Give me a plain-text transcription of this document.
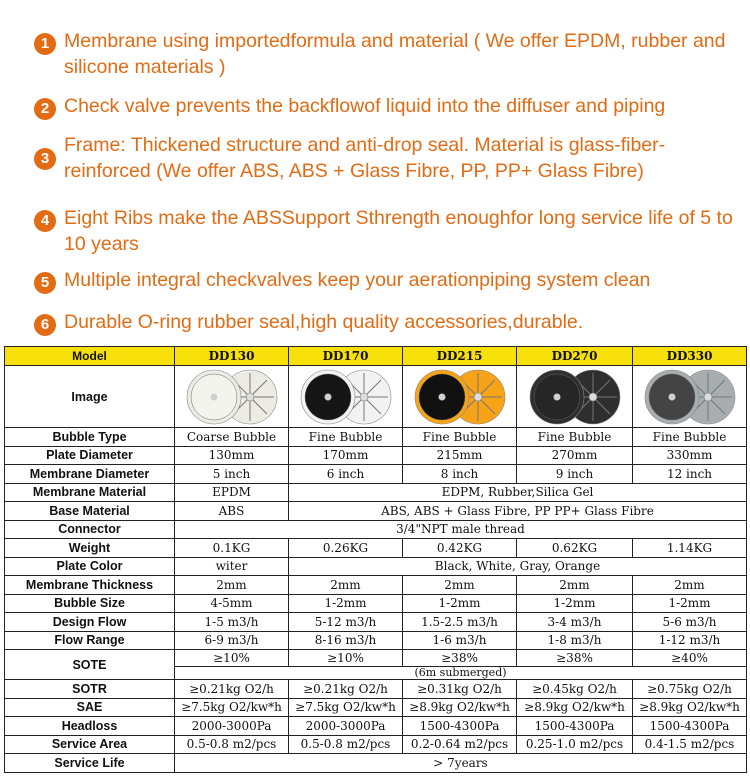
1 Membrane using importedformula and material ( We offer EPDM, rubber and silicone materials )
2 Check valve prevents the backflowof liquid into the diffuser and piping
3
Frame: Thickened structure and anti-drop seal. Material is glass-fiber-reinforced (We offer ABS, ABS + Glass Fibre, PP, PP+ Glass Fibre)
4 Eight Ribs make the ABSSupport Sthrength enoughfor long service life of 5 to 10 years
5 Multiple integral checkvalves keep your aerationpiping system clean
6 Durable O-ring rubber seal,high quality accessories,durable.
Model	DD130	DD170	DD215	DD270	DD330
Image	

Bubble Type	Coarse Bubble	Fine Bubble	Fine Bubble	Fine Bubble	Fine Bubble
Plate Diameter	130mm	170mm	215mm	270mm	330mm
Membrane Diameter	5 inch	6 inch	8 inch	9 inch	12 inch
Membrane Material	EPDM	EDPM, Rubber,Silica Gel			
Base Material	ABS	ABS, ABS + Glass Fibre, PP PP+ Glass Fibre			
Connector	3/4"NPT male thread				
Weight	0.1KG	0.26KG	0.42KG	0.62KG	1.14KG
Plate Color	witer	Black, White, Gray, Orange			
Membrane Thickness	2mm	2mm	2mm	2mm	2mm
Bubble Size	4-5mm	1-2mm	1-2mm	1-2mm	1-2mm
Design Flow	1-5 m3/h	5-12 m3/h	1.5-2.5 m3/h	3-4 m3/h	5-6 m3/h
Flow Range	6-9 m3/h	8-16 m3/h	1-6 m3/h	1-8 m3/h	1-12 m3/h
SOTE	≥10%	≥10%	≥38%	≥38%	≥40%
	(6m submerged)				
SOTR	≥0.21kg O2/h	≥0.21kg O2/h	≥0.31kg O2/h	≥0.45kg O2/h	≥0.75kg O2/h
SAE	≥7.5kg O2/kw*h	≥7.5kg O2/kw*h	≥8.9kg O2/kw*h	≥8.9kg O2/kw*h	≥8.9kg O2/kw*h
Headloss	2000-3000Pa	2000-3000Pa	1500-4300Pa	1500-4300Pa	1500-4300Pa
Service Area	0.5-0.8 m2/pcs	0.5-0.8 m2/pcs	0.2-0.64 m2/pcs	0.25-1.0 m2/pcs	0.4-1.5 m2/pcs
Service Life	> 7years				
